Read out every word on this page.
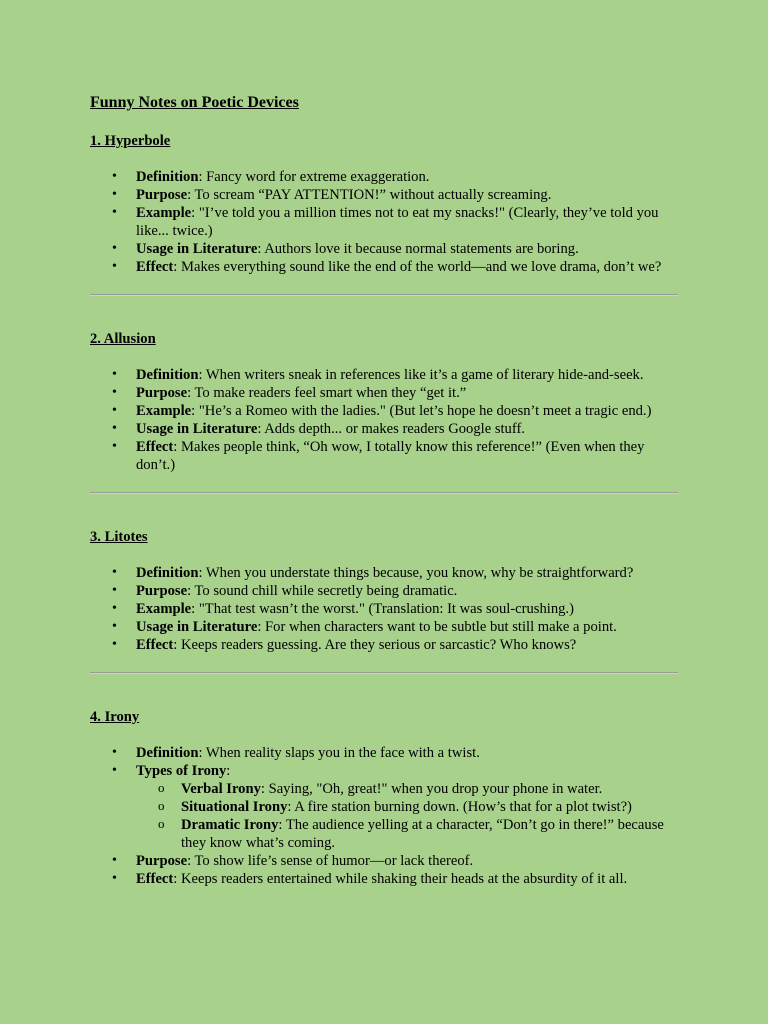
Funny Notes on Poetic Devices
1. Hyperbole
• Definition: Fancy word for extreme exaggeration.
• Purpose: To scream “PAY ATTENTION!” without actually screaming.
• Example: "I’ve told you a million times not to eat my snacks!" (Clearly, they’ve told you like... twice.)
• Usage in Literature: Authors love it because normal statements are boring.
• Effect: Makes everything sound like the end of the world—and we love drama, don’t we?
2. Allusion
• Definition: When writers sneak in references like it’s a game of literary hide-and-seek.
• Purpose: To make readers feel smart when they “get it.”
• Example: "He’s a Romeo with the ladies." (But let’s hope he doesn’t meet a tragic end.)
• Usage in Literature: Adds depth... or makes readers Google stuff.
• Effect: Makes people think, “Oh wow, I totally know this reference!” (Even when they don’t.)
3. Litotes
• Definition: When you understate things because, you know, why be straightforward?
• Purpose: To sound chill while secretly being dramatic.
• Example: "That test wasn’t the worst." (Translation: It was soul-crushing.)
• Usage in Literature: For when characters want to be subtle but still make a point.
• Effect: Keeps readers guessing. Are they serious or sarcastic? Who knows?
4. Irony
• Definition: When reality slaps you in the face with a twist.
• Types of Irony:
o Verbal Irony: Saying, "Oh, great!" when you drop your phone in water.
o Situational Irony: A fire station burning down. (How’s that for a plot twist?)
o Dramatic Irony: The audience yelling at a character, “Don’t go in there!” because they know what’s coming.
• Purpose: To show life’s sense of humor—or lack thereof.
• Effect: Keeps readers entertained while shaking their heads at the absurdity of it all.
